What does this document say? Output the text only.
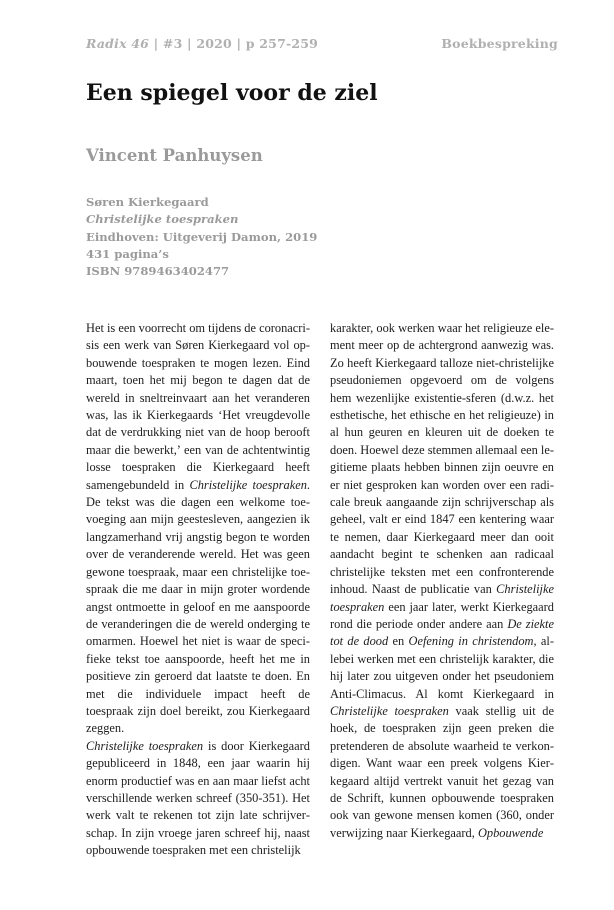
Radix 46 | #3 | 2020 | p 257-259	Boekbespreking
Een spiegel voor de ziel
Vincent Panhuysen
Søren Kierkegaard
Christelijke toespraken
Eindhoven: Uitgeverij Damon, 2019
431 pagina’s
ISBN 9789463402477

Het is een voorrecht om tijdens de coronacrisis een werk van Søren Kierkegaard vol opbouwende toespraken te mogen lezen. Eind maart, toen het mij begon te dagen dat de wereld in sneltreinvaart aan het veranderen was, las ik Kierkegaards ‘Het vreugdevolle dat de verdrukking niet van de hoop berooft maar die bewerkt,’ een van de achtentwintig losse toespraken die Kierkegaard heeft samengebundeld in Christelijke toespraken. De tekst was die dagen een welkome toevoeging aan mijn geestesleven, aangezien ik langzamerhand vrij angstig begon te worden over de veranderende wereld. Het was geen gewone toespraak, maar een christelijke toespraak die me daar in mijn groter wordende angst ontmoette in geloof en me aanspoorde de veranderingen die de wereld onderging te omarmen. Hoewel het niet is waar de specifieke tekst toe aanspoorde, heeft het me in positieve zin geroerd dat laatste te doen. En met die individuele impact heeft de toespraak zijn doel bereikt, zou Kierkegaard zeggen.

Christelijke toespraken is door Kierkegaard gepubliceerd in 1848, een jaar waarin hij enorm productief was en aan maar liefst acht verschillende werken schreef (350-351). Het werk valt te rekenen tot zijn late schrijverschap. In zijn vroege jaren schreef hij, naast opbouwende toespraken met een christelijk

karakter, ook werken waar het religieuze element meer op de achtergrond aanwezig was. Zo heeft Kierkegaard talloze niet-christelijke pseudoniemen opgevoerd om de volgens hem wezenlijke existentie-sferen (d.w.z. het esthetische, het ethische en het religieuze) in al hun geuren en kleuren uit de doeken te doen. Hoewel deze stemmen allemaal een legitieme plaats hebben binnen zijn oeuvre en er niet gesproken kan worden over een radicale breuk aangaande zijn schrijverschap als geheel, valt er eind 1847 een kentering waar te nemen, daar Kierkegaard meer dan ooit aandacht begint te schenken aan radicaal christelijke teksten met een confronterende inhoud. Naast de publicatie van Christelijke toespraken een jaar later, werkt Kierkegaard rond die periode onder andere aan De ziekte tot de dood en Oefening in christendom, allebei werken met een christelijk karakter, die hij later zou uitgeven onder het pseudoniem Anti-Climacus. Al komt Kierkegaard in Christelijke toespraken vaak stellig uit de hoek, de toespraken zijn geen preken die pretenderen de absolute waarheid te verkondigen. Want waar een preek volgens Kierkegaard altijd vertrekt vanuit het gezag van de Schrift, kunnen opbouwende toespraken ook van gewone mensen komen (360, onder verwijzing naar Kierkegaard, Opbouwende
